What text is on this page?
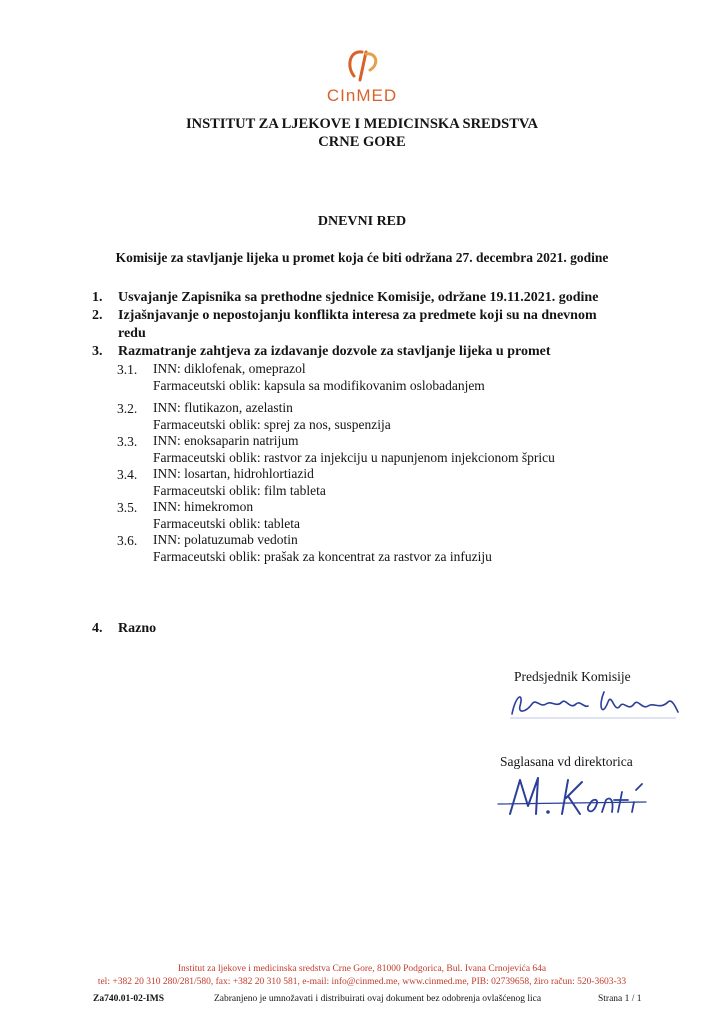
CInMED
INSTITUT ZA LJEKOVE I MEDICINSKA SREDSTVA
CRNE GORE
DNEVNI RED
Komisije za stavljanje lijeka u promet koja će biti održana 27. decembra 2021. godine
1. Usvajanje Zapisnika sa prethodne sjednice Komisije, održane 19.11.2021. godine
2. Izjašnjavanje o nepostojanju konflikta interesa za predmete koji su na dnevnom
redu
3. Razmatranje zahtjeva za izdavanje dozvole za stavljanje lijeka u promet
3.1. INN: diklofenak, omeprazol
Farmaceutski oblik: kapsula sa modifikovanim oslobadanjem
3.2. INN: flutikazon, azelastin
Farmaceutski oblik: sprej za nos, suspenzija
3.3. INN: enoksaparin natrijum
Farmaceutski oblik: rastvor za injekciju u napunjenom injekcionom špricu
3.4. INN: losartan, hidrohlortiazid
Farmaceutski oblik: film tableta
3.5. INN: himekromon
Farmaceutski oblik: tableta
3.6. INN: polatuzumab vedotin
Farmaceutski oblik: prašak za koncentrat za rastvor za infuziju
4. Razno
Predsjednik Komisije
Saglasana vd direktorica
Institut za ljekove i medicinska sredstva Crne Gore, 81000 Podgorica, Bul. Ivana Crnojevića 64a
tel: +382 20 310 280/281/580, fax: +382 20 310 581, e-mail: info@cinmed.me, www.cinmed.me, PIB: 02739658, žiro račun: 520-3603-33
Za740.01-02-IMS	Zabranjeno je umnožavati i distribuirati ovaj dokument bez odobrenja ovlašćenog lica	Strana 1 / 1
